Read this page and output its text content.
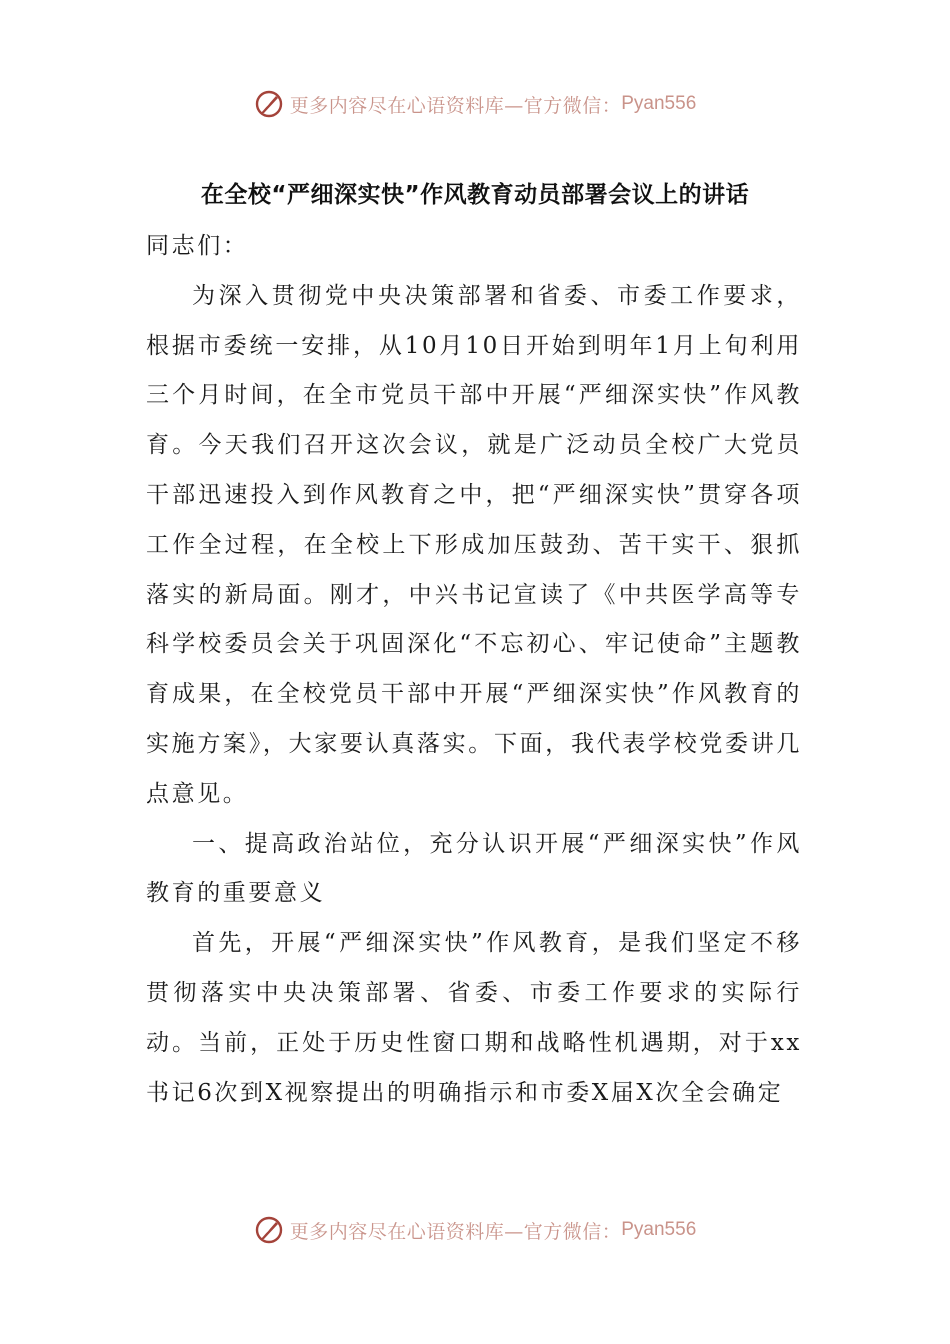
更多内容尽在心语资料库—官方微信： Pyan556
在全校“严细深实快”作风教育动员部署会议上的讲话

同志们：

为深入贯彻党中央决策部署和省委、市委工作要求，根据市委统一安排，从10月10日开始到明年1月上旬利用三个月时间，在全市党员干部中开展“严细深实快”作风教育。今天我们召开这次会议，就是广泛动员全校广大党员干部迅速投入到作风教育之中，把“严细深实快”贯穿各项工作全过程，在全校上下形成加压鼓劲、苦干实干、狠抓落实的新局面。刚才，中兴书记宣读了《中共医学高等专科学校委员会关于巩固深化“不忘初心、牢记使命”主题教育成果，在全校党员干部中开展“严细深实快”作风教育的实施方案》，大家要认真落实。下面，我代表学校党委讲几点意见。

一、提高政治站位，充分认识开展“严细深实快”作风教育的重要意义

首先，开展“严细深实快”作风教育，是我们坚定不移贯彻落实中央决策部署、省委、市委工作要求的实际行动。当前，正处于历史性窗口期和战略性机遇期，对于xx书记6次到X视察提出的明确指示和市委X届X次全会确定

更多内容尽在心语资料库—官方微信： Pyan556
